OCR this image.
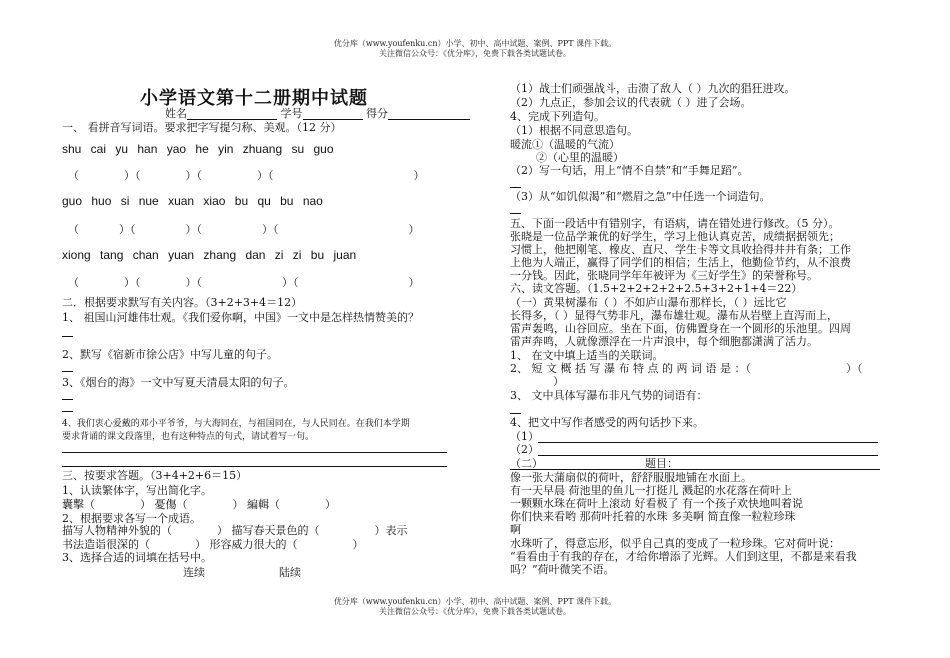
优分库（www.youfenku.cn）小学、初中、高中试题、案例、PPT 课件下载。
关注微信公众号：《优分库》，免费下载各类试题试卷。
小学语文第十二册期中试题
姓名	学号	得分
一、 看拼音写词语。要求把字写提匀称、美观。（12 分）
shu cai yu han yao he yin zhuang su guo
（	）（	）（	）（	）
guo huo si nue xuan xiao bu qu bu nao
（	）（	）（	）（	）
xiong tang chan yuan zhang dan zi zi bu juan
（	）（	）（	）（	）
二．根据要求默写有关内容。（3+2+3+4＝12）
1、 祖国山河雄伟壮观。《我们爱你啊，中国》一文中是怎样热情赞美的？
2、默写《宿新市徐公店》中写儿童的句子。
3、《烟台的海》一文中写夏天清晨太阳的句子。
4、我们衷心爱戴的邓小平爷爷，与大海同在，与祖国同在，与人民同在。在我们本学期
要求背诵的课文段落里，也有这种特点的句式，请试着写一句。
三、按要求答题。（3+4+2+6＝15）
1、认读繁体字，写出简化字。
囊擊（	） 憂傷（	） 編輯（	）
2、根据要求各写一个成语。
描写人物精神外貌的（	） 描写春天景色的（	）表示
书法造诣很深的（	） 形容威力很大的（	）
3、选择合适的词填在括号中。
连续	陆续
（1）战士们顽强战斗，击溃了敌人（ ）九次的猖狂进攻。
（2）九点正，参加会议的代表就（ ）进了会场。
4、完成下列造句。
（1）根据不同意思造句。
暖流①（温暖的气流）
②（心里的温暖）
（2）写一句话，用上“情不自禁”和“手舞足蹈”。
（3）从“如饥似渴”和“燃眉之急”中任选一个词造句。
五、下面一段话中有错别字，有语病，请在错处进行修改。（5 分）。
张晓是一位品学兼优的好学生，学习上他认真克苦，成绩据据领先；
习惯上，他把刚笔、橡皮、直尺、学生卡等文具收拾得井井有条；工作
上他为人端正，赢得了同学们的相信；生活上，他勤俭节约，从不浪费
一分钱。因此，张晓同学年年被评为《三好学生》的荣誉称号。
六、读文答题。（1.5+2+2+2+2+2.5+3+2+1+4＝22）
（一）黄果树瀑布（ ）不如庐山瀑布那样长，（ ）远比它
长得多，（ ）显得气势非凡，瀑布雄壮观。瀑布从岩壁上直泻而上，
雷声轰鸣，山谷回应。坐在下面，仿佛置身在一个圆形的乐池里。四周
雷声奔鸣，人就像漂浮在一片声浪中，每个细胞都潇满了活力。
1、 在文中填上适当的关联词。
2、 短 文 概 括 写 瀑 布 特 点 的 两 词 语 是 ：（	）（
）
3、 文中具体写瀑布非凡气势的词语有：
4、把文中写作者感受的两句话抄下来。
（1）
（2）
（二）	题目：
像一张大蒲扇似的荷叶，舒舒服服地铺在水面上。
有一天早晨 荷池里的鱼儿一打挺儿 溅起的水花落在荷叶上
一颗颗水珠在荷叶上滚动 好看极了 有一个孩子欢快地叫着说
你们快来看哟 那荷叶托着的水珠 多美啊 简直像一粒粒珍珠
啊
水珠听了，得意忘形，似乎自己真的变成了一粒珍珠。它对荷叶说：
“看看由于有我的存在，才给你增添了光辉。人们到这里，不都是来看我
吗？”荷叶微笑不语。
优分库（www.youfenku.cn）小学、初中、高中试题、案例、PPT 课件下载。
关注微信公众号：《优分库》，免费下载各类试题试卷。
